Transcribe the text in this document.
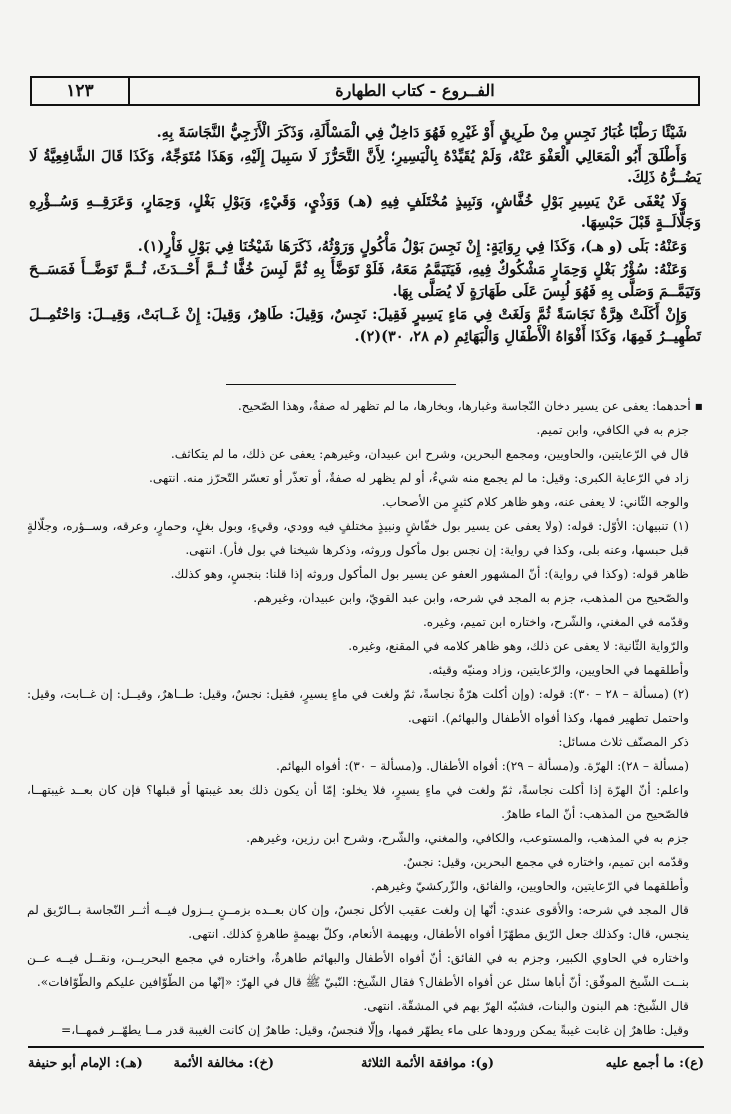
الفــروع - كتاب الطهارة
١٢٣

شَيْئًا رَطْبًا غُبَارُ نَجِسٍ مِنْ طَرِيقٍ أَوْ غَيْرِهِ فَهُوَ دَاخِلٌ فِي الْمَسْأَلَةِ، وَذَكَرَ الْأَزَجِيُّ النَّجَاسَةَ بِهِ.

وَأَطْلَقَ أَبُو الْمَعَالِي الْعَفْوَ عَنْهُ، وَلَمْ يُقَيِّدْهُ بِالْيَسِيرِ؛ لِأَنَّ التَّحَرُّزَ لَا سَبِيلَ إِلَيْهِ، وَهَذَا مُتَوَجِّهٌ، وَكَذَا قَالَ الشَّافِعِيَّةُ لَا يَضُــرُّهُ ذَلِكَ.

وَلَا يُعْفَى عَنْ يَسِيرِ بَوْلِ خُفَّاشٍ، وَنَبِيذٍ مُخْتَلَفٍ فِيهِ (هـ) وَوَذْيٍ، وَقَيْءٍ، وَبَوْلِ بَغْلٍ، وَحِمَارٍ، وَعَرَقِــهِ وَسُــؤْرِهِ وَجَلَّالَــةٍ قَبْلَ حَبْسِهَا.

وَعَنْهُ: بَلَى (و هـ)، وَكَذَا فِي رِوَايَةٍ: إِنْ نَجِسَ بَوْلُ مَأْكُولٍ وَرَوْثُهُ، ذَكَرَهَا شَيْخُنَا فِي بَوْلِ فَأْرٍ(١).

وَعَنْهُ: سُؤْرُ بَغْلٍ وَحِمَارٍ مَشْكُوكٌ فِيهِ، فَيَتَيَمَّمُ مَعَهُ، فَلَوْ تَوَضَّأَ بِهِ ثُمَّ لَبِسَ خُفًّا ثُــمَّ أَحْــدَثَ، ثُــمَّ تَوَضَّــأَ فَمَسَــحَ وَتَيَمَّــمَ وَصَلَّى بِهِ فَهُوَ لُبِسَ عَلَى طَهَارَةٍ لَا يُصَلَّى بِهَا.

وَإِنْ أَكَلَتْ هِرَّةٌ نَجَاسَةً ثُمَّ وَلَغَتْ فِي مَاءٍ يَسِيرٍ فَقِيلَ: نَجِسٌ، وَقِيلَ: طَاهِرٌ، وَقِيلَ: إِنْ غَــابَتْ، وَقِيــلَ: وَاحْتُمِــلَ تَطْهِيــرُ فَمِهَا، وَكَذَا أَفْوَاهُ الْأَطْفَالِ وَالْبَهَائِمِ (م ٢٨، ٣٠)(٢).

▪أحدهما: يعفى عن يسير دخان النّجاسة وغبارها، وبخارها، ما لم تظهر له صفةٌ، وهذا الصّحيح.

جزم به في الكافي، وابن تميم.

قال في الرّعايتين، والحاويين، ومجمع البحرين، وشرح ابن عبيدان، وغيرهم: يعفى عن ذلك، ما لم يتكاثف.

زاد في الرّعاية الكبرى: وقيل: ما لم يجمع منه شيءٌ، أو لم يظهر له صفةٌ، أو تعذّر أو تعسّر التّحرّز منه. انتهى.

والوجه الثّاني: لا يعفى عنه، وهو ظاهر كلام كثيرٍ من الأصحاب.

(١) تنبيهان: الأوّل: قوله: (ولا يعفى عن يسير بول خفّاشٍ ونبيذٍ مختلفٍ فيه وودي، وقيءٍ، وبول بغلٍ، وحمارٍ، وعرقه، وســؤره، وجلّالةٍ قبل حبسها، وعنه بلى، وكذا في رواية: إن نجس بول مأكول وروثه، وذكرها شيخنا في بول فأر). انتهى.

ظاهر قوله: (وكذا في رواية): أنّ المشهور العفو عن يسير بول المأكول وروثه إذا قلنا: بنجسٍ، وهو كذلك.

والصّحيح من المذهب، جزم به المجد في شرحه، وابن عبد القويّ، وابن عبيدان، وغيرهم.

وقدّمه في المغني، والشّرح، واختاره ابن تميم، وغيره.

والرّواية الثّانية: لا يعفى عن ذلك، وهو ظاهر كلامه في المقنع، وغيره.

وأطلقهما في الحاويين، والرّعايتين، وزاد ومنيّه وقيئه.

(٢) (مسألة – ٢٨ – ٣٠): قوله: (وإن أكلت هرّةٌ نجاسةً، ثمّ ولغت في ماءٍ يسيرٍ، فقيل: نجسٌ، وقيل: طــاهرٌ، وقيــل: إن غــابت، وقيل: واحتمل تطهير فمها، وكذا أفواه الأطفال والبهائم). انتهى.

ذكر المصنّف ثلاث مسائل:

(مسألة – ٢٨): الهرّة. و(مسألة – ٢٩): أفواه الأطفال. و(مسألة – ٣٠): أفواه البهائم.

واعلم: أنّ الهرّة إذا أكلت نجاسةً، ثمّ ولغت في ماءٍ يسيرٍ، فلا يخلو: إمّا أن يكون ذلك بعد غيبتها أو قبلها؟ فإن كان بعــد غيبتهــا، فالصّحيح من المذهب: أنّ الماء طاهرٌ.

جزم به في المذهب، والمستوعب، والكافي، والمغني، والشّرح، وشرح ابن رزين، وغيرهم.

وقدّمه ابن تميم، واختاره في مجمع البحرين، وقيل: نجسٌ.

وأطلقهما في الرّعايتين، والحاويين، والفائق، والزّركشيّ وغيرهم.

قال المجد في شرحه: والأقوى عندي: أنّها إن ولغت عقيب الأكل نجسٌ، وإن كان بعــده بزمــنٍ يــزول فيــه أثــر النّجاسة بــالرّيق لم ينجس، قال: وكذلك جعل الرّيق مطهّرًا أفواه الأطفال، وبهيمة الأنعام، وكلّ بهيمةٍ طاهرةٍ كذلك. انتهى.

واختاره في الحاوي الكبير، وجزم به في الفائق: أنّ أفواه الأطفال والبهائم طاهرةٌ، واختاره في مجمع البحريــن، ونقــل فيــه عــن بنــت الشّيخ الموفّق: أنّ أباها سئل عن أفواه الأطفال؟ فقال الشّيخ: النّبيّ ﷺ قال في الهرّ: «إنّها من الطّوّافين عليكم والطّوّافات».

قال الشّيخ: هم البنون والبنات، فشبّه الهرّ بهم في المشقّة. انتهى.

وقيل: طاهرٌ إن غابت غيبةً يمكن ورودها على ماء يطهّر فمها، وإلّا فنجسٌ، وقيل: طاهرٌ إن كانت الغيبة قدر مــا يطهّــر فمهــا،=

(ع): ما أجمع عليه
(و): موافقة الأئمة الثلاثة
(خ): مخالفة الأئمة
(هـ): الإمام أبو حنيفة
